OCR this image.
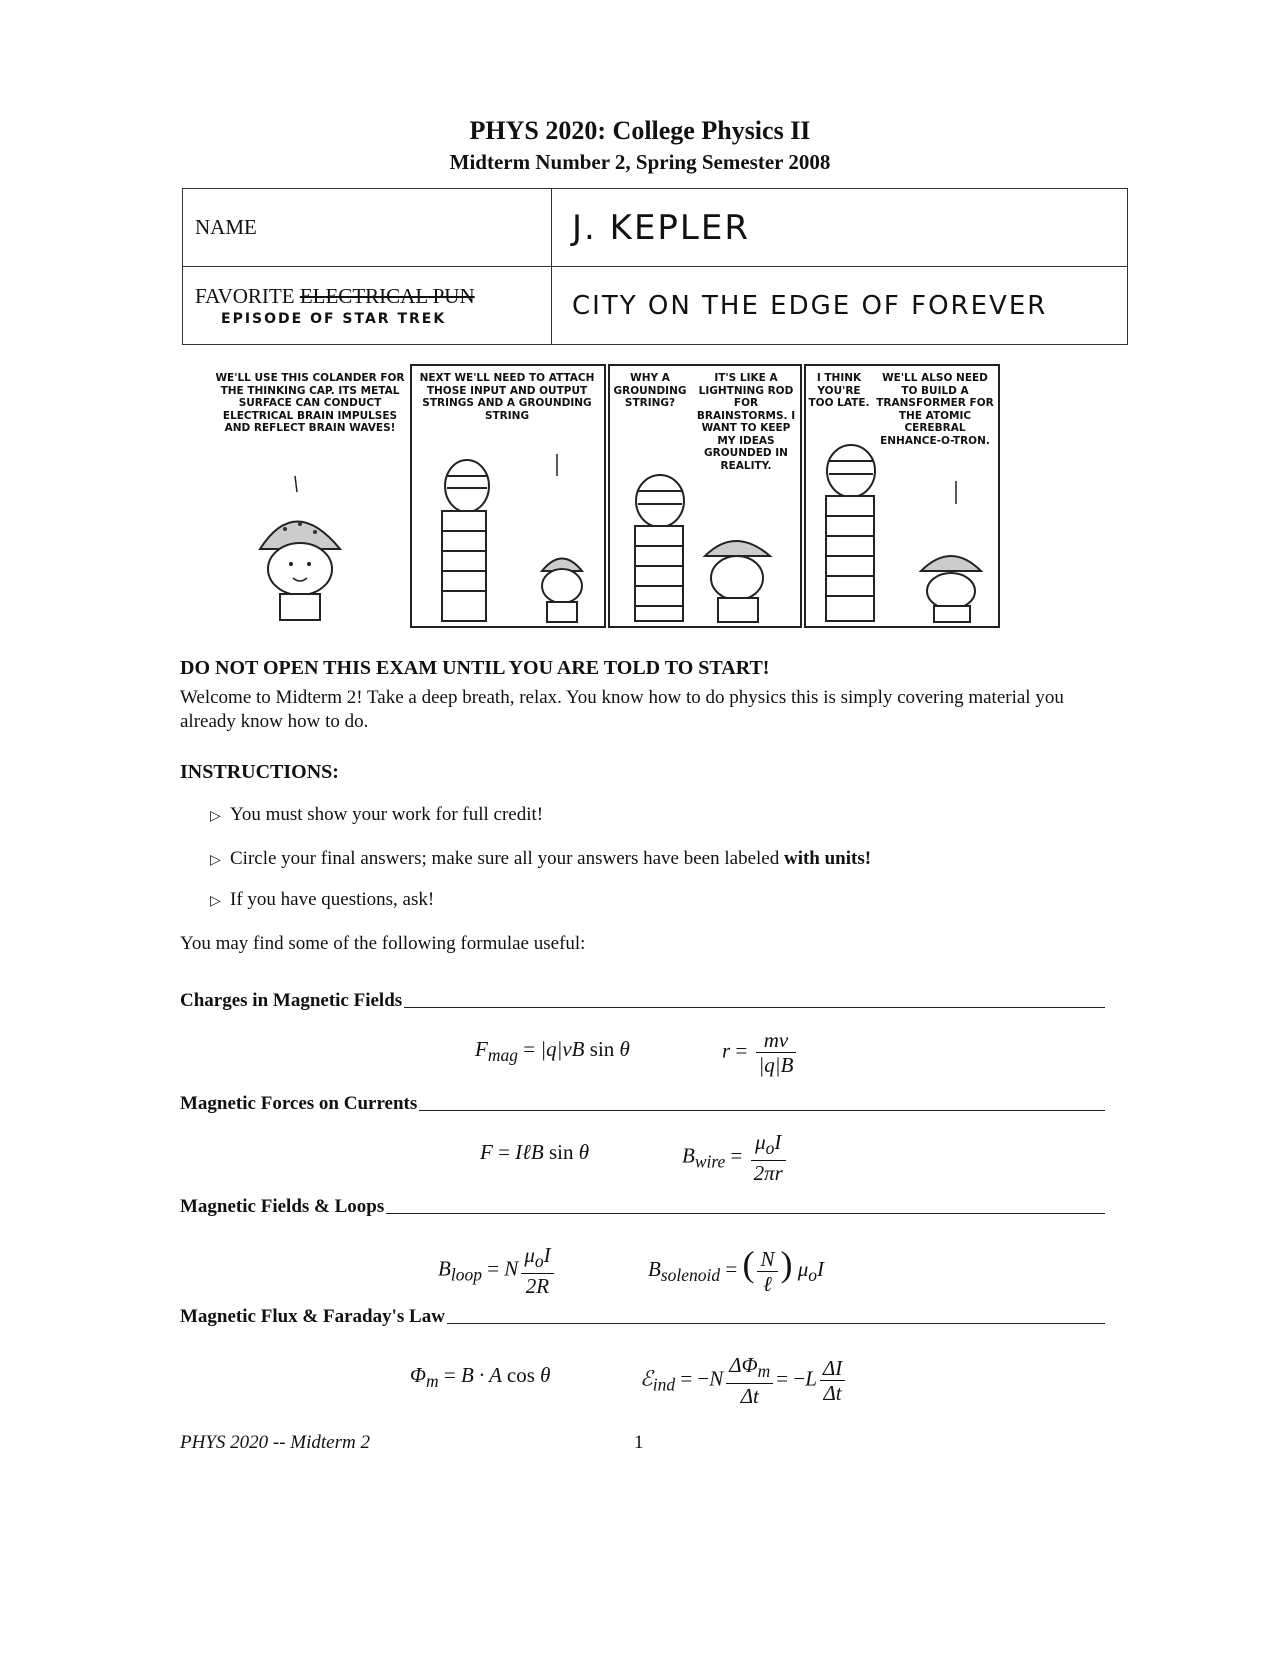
PHYS 2020: College Physics II
Midterm Number 2, Spring Semester 2008
NAME	J. KEPLER
FAVORITE ELECTRICAL PUN
EPISODE OF STAR TREK	CITY ON THE EDGE OF FOREVER
WE'LL USE THIS COLANDER FOR THE THINKING CAP. ITS METAL SURFACE CAN CONDUCT ELECTRICAL BRAIN IMPULSES AND REFLECT BRAIN WAVES!
NEXT WE'LL NEED TO ATTACH THOSE INPUT AND OUTPUT STRINGS AND A GROUNDING STRING
WHY A GROUNDING STRING?
IT'S LIKE A LIGHTNING ROD FOR BRAINSTORMS. I WANT TO KEEP MY IDEAS GROUNDED IN REALITY.
I THINK YOU'RE TOO LATE.
WE'LL ALSO NEED TO BUILD A TRANSFORMER FOR THE ATOMIC CEREBRAL ENHANCE-O-TRON.
DO NOT OPEN THIS EXAM UNTIL YOU ARE TOLD TO START!
Welcome to Midterm 2! Take a deep breath, relax. You know how to do physics this is simply covering material you already know how to do.
INSTRUCTIONS:
▷ You must show your work for full credit!
▷ Circle your final answers; make sure all your answers have been labeled with units!
▷ If you have questions, ask!
You may find some of the following formulae useful:
Charges in Magnetic Fields
$F_{mag} = |q|vB$ sin θ	$r = \frac{mv}{|q|B}$
Magnetic Forces on Currents
F = IℓB sin θ	$B_{wire} = \frac{\mu_oI}{2\pi r}$
Magnetic Fields & Loops
$B_{loop} = N \frac{\mu_oI}{2R}$	$B_{solenoid}$ = ( $\frac{N}{\text{ℓ}}$ ) $\mu_oI$
Magnetic Flux & Faraday's Law
$\Phi_m = B \cdot A$ cos θ	ℰ$_{ind}$ = $-N \frac{\Delta\Phi_m}{\Delta t} = -L \frac{\Delta I}{\Delta t}$
PHYS 2020 -- Midterm 2	1
